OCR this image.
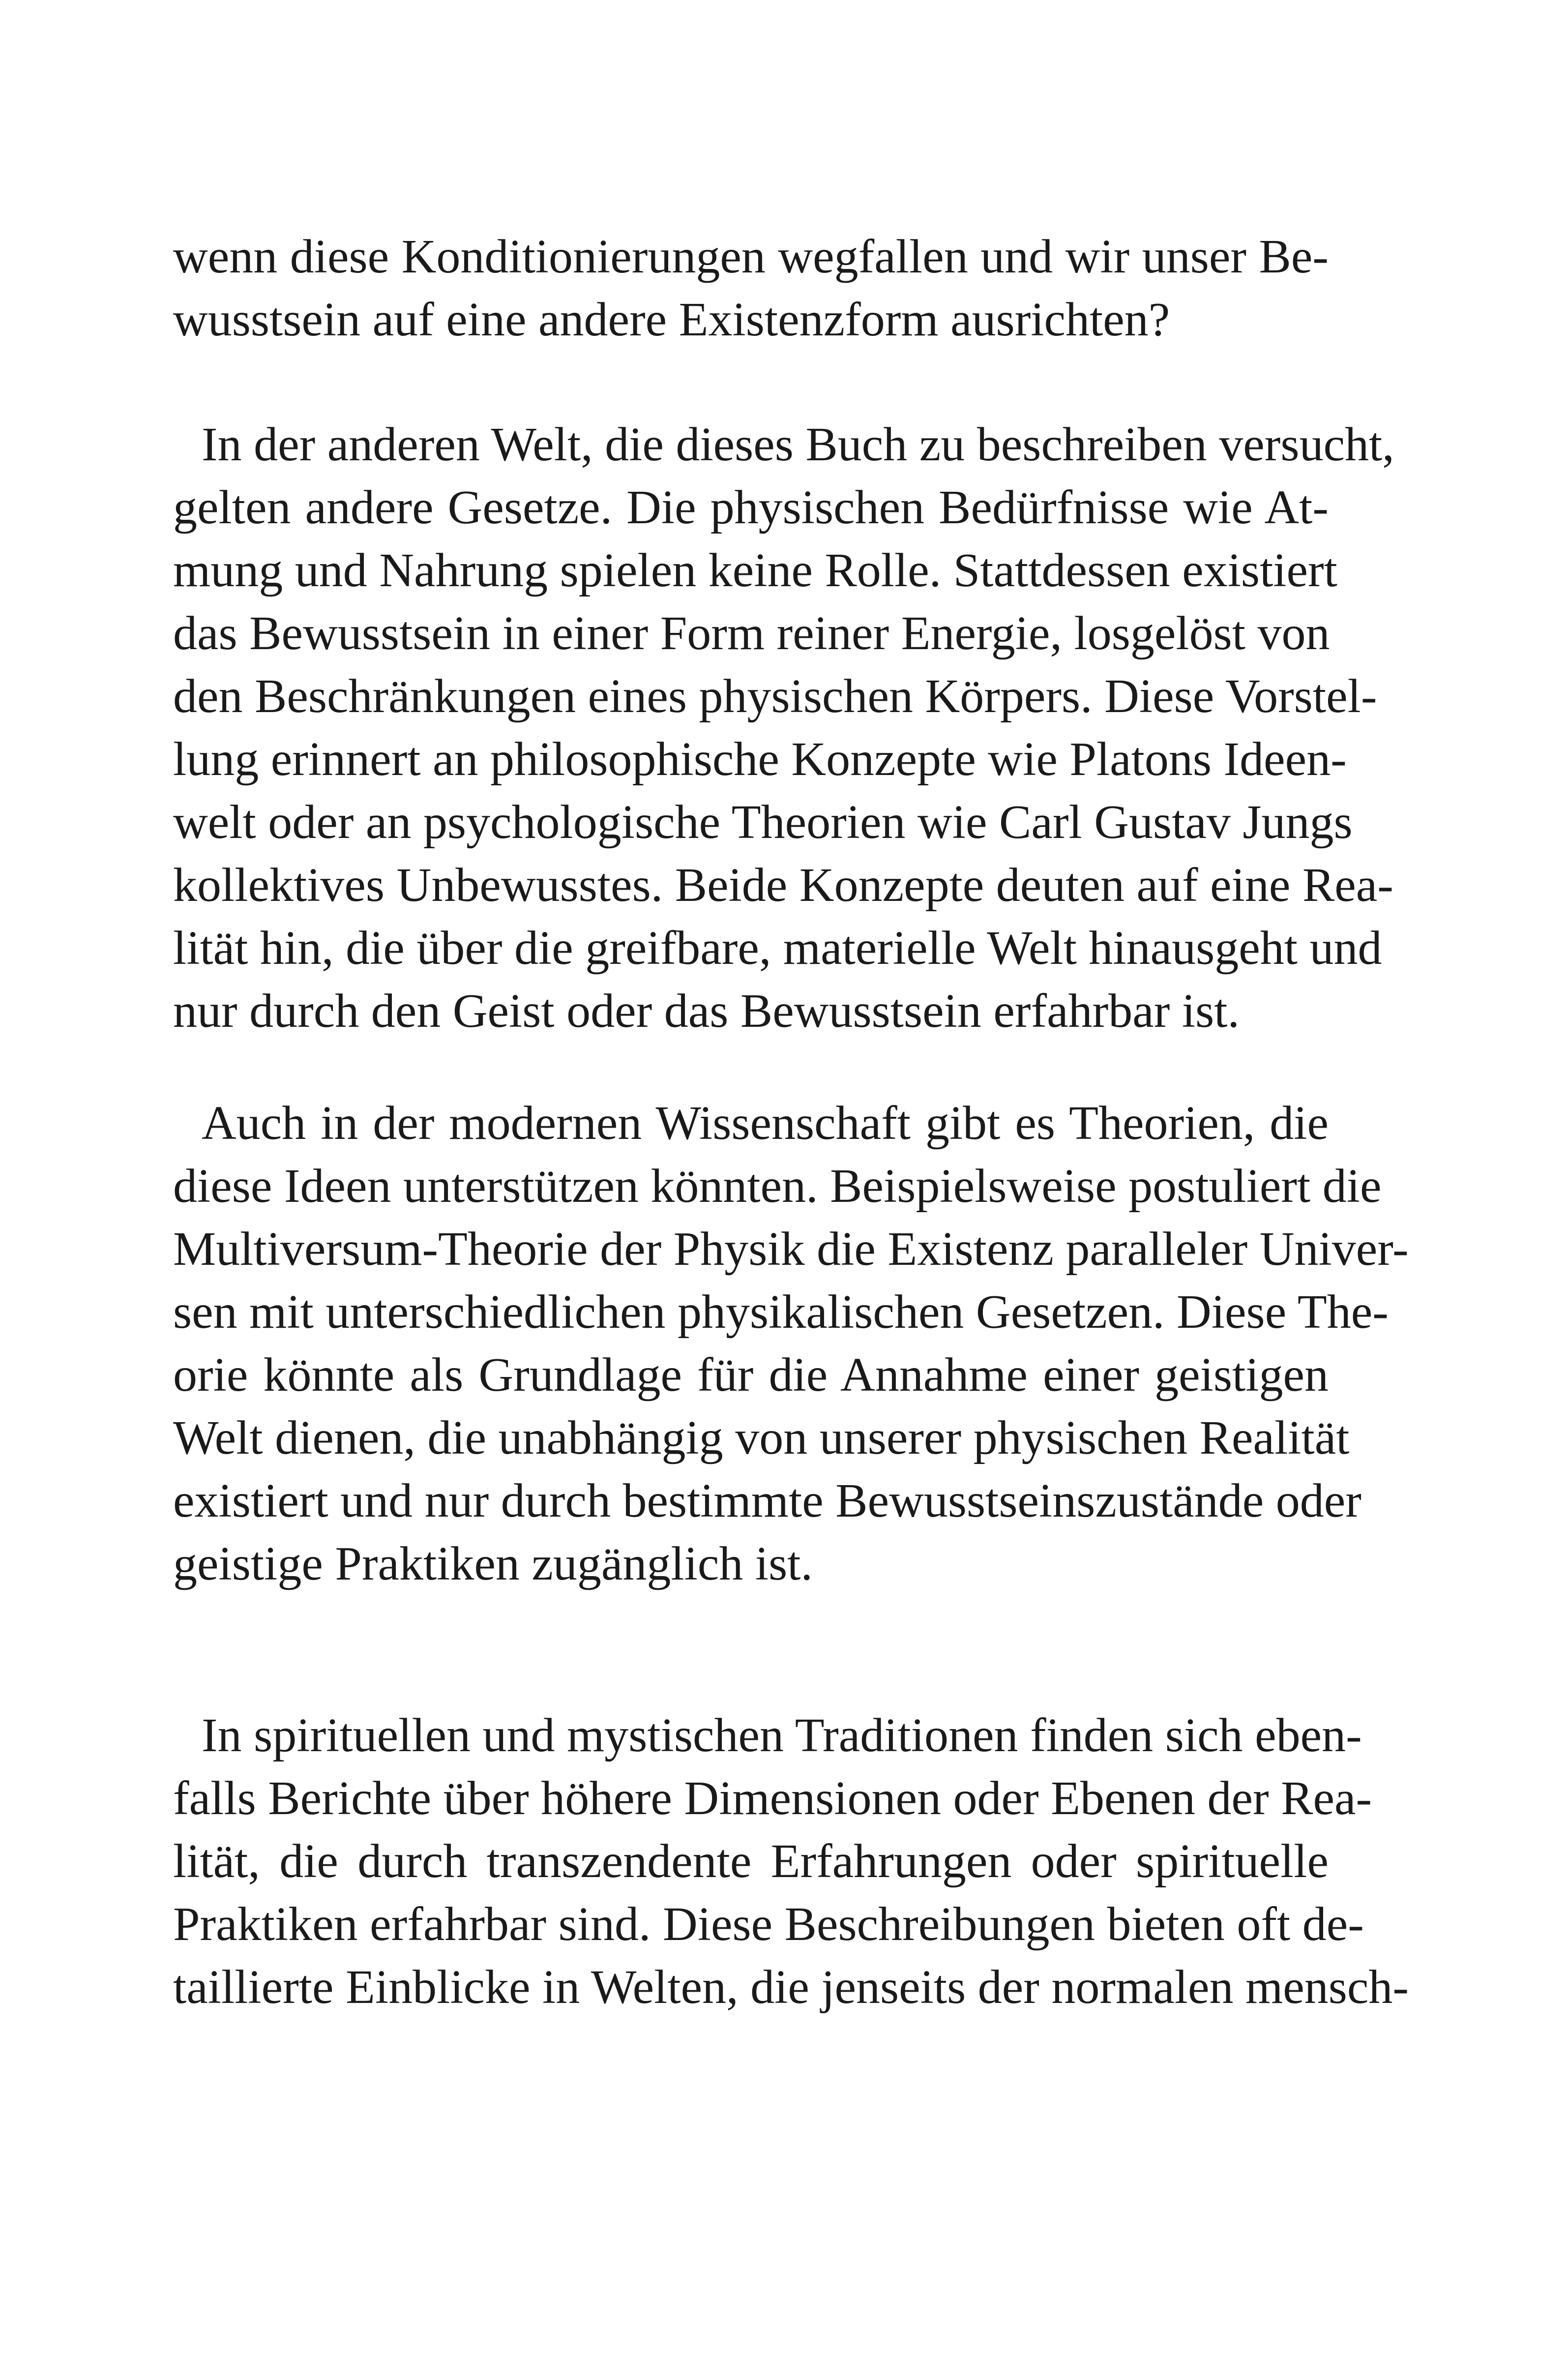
wenn diese Konditionierungen wegfallen und wir unser Be-
wusstsein auf eine andere Existenzform ausrichten?
In der anderen Welt, die dieses Buch zu beschreiben versucht,
gelten andere Gesetze. Die physischen Bedürfnisse wie At-
mung und Nahrung spielen keine Rolle. Stattdessen existiert
das Bewusstsein in einer Form reiner Energie, losgelöst von
den Beschränkungen eines physischen Körpers. Diese Vorstel-
lung erinnert an philosophische Konzepte wie Platons Ideen-
welt oder an psychologische Theorien wie Carl Gustav Jungs
kollektives Unbewusstes. Beide Konzepte deuten auf eine Rea-
lität hin, die über die greifbare, materielle Welt hinausgeht und
nur durch den Geist oder das Bewusstsein erfahrbar ist.
Auch in der modernen Wissenschaft gibt es Theorien, die
diese Ideen unterstützen könnten. Beispielsweise postuliert die
Multiversum-Theorie der Physik die Existenz paralleler Univer-
sen mit unterschiedlichen physikalischen Gesetzen. Diese The-
orie könnte als Grundlage für die Annahme einer geistigen
Welt dienen, die unabhängig von unserer physischen Realität
existiert und nur durch bestimmte Bewusstseinszustände oder
geistige Praktiken zugänglich ist.
In spirituellen und mystischen Traditionen finden sich eben-
falls Berichte über höhere Dimensionen oder Ebenen der Rea-
lität, die durch transzendente Erfahrungen oder spirituelle
Praktiken erfahrbar sind. Diese Beschreibungen bieten oft de-
taillierte Einblicke in Welten, die jenseits der normalen mensch-
